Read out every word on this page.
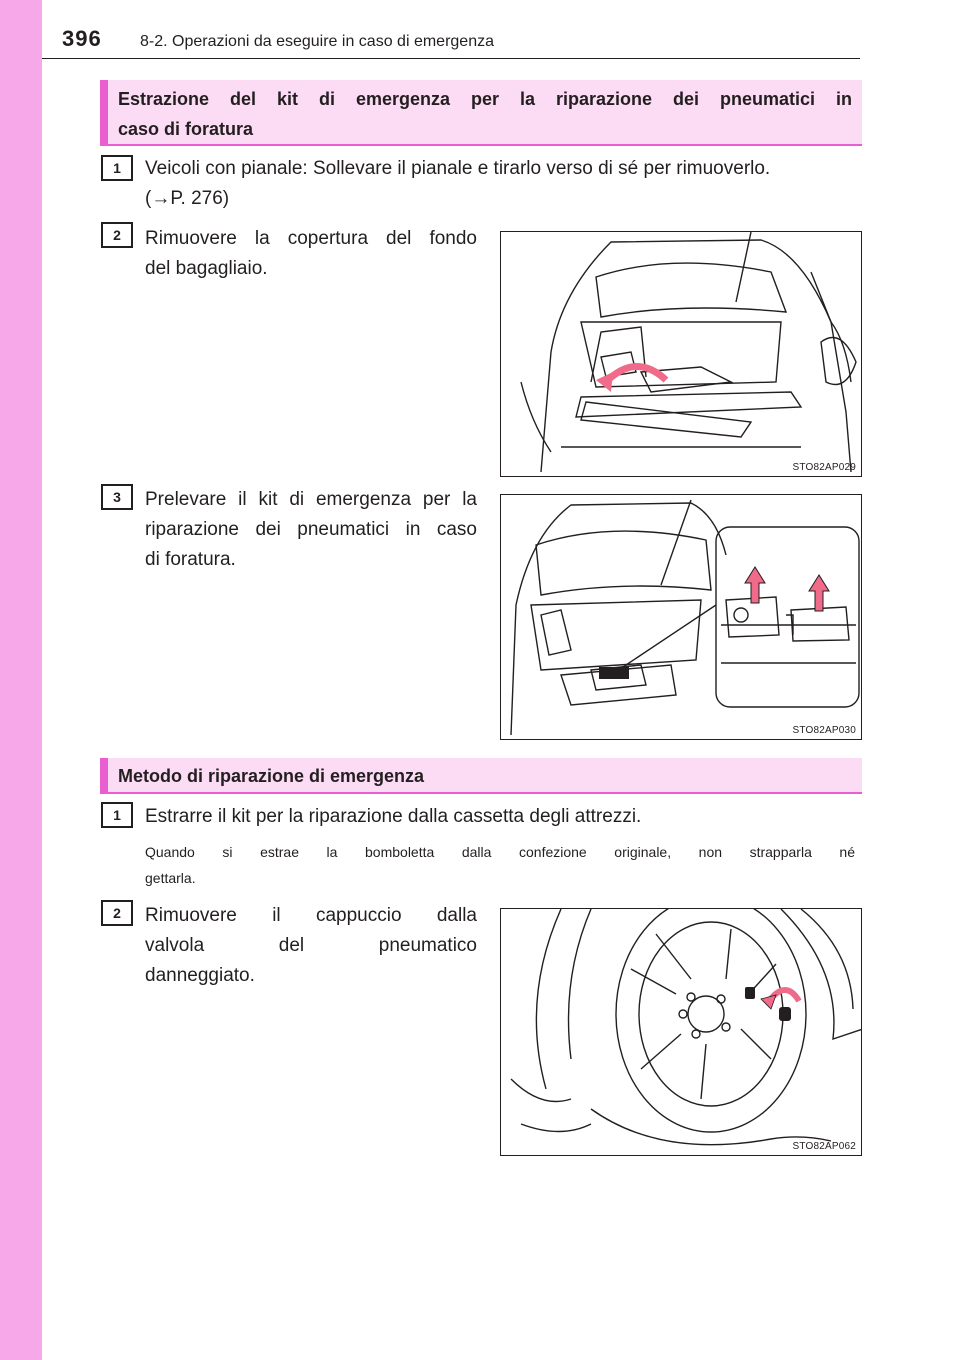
396 8-2. Operazioni da eseguire in caso di emergenza
Estrazione del kit di emergenza per la riparazione dei pneumatici in
caso di foratura
1	Veicoli con pianale: Sollevare il pianale e tirarlo verso di sé per rimuoverlo.
(→P. 276)
2	Rimuovere la copertura del fondo
del bagagliaio.
STO82AP029
3	Prelevare il kit di emergenza per la
riparazione dei pneumatici in caso
di foratura.
STO82AP030
Metodo di riparazione di emergenza
1	Estrarre il kit per la riparazione dalla cassetta degli attrezzi.
Quando si estrae la bomboletta dalla confezione originale, non strapparla né
gettarla.
2	Rimuovere il cappuccio dalla
valvola del pneumatico
danneggiato.
STO82AP062
